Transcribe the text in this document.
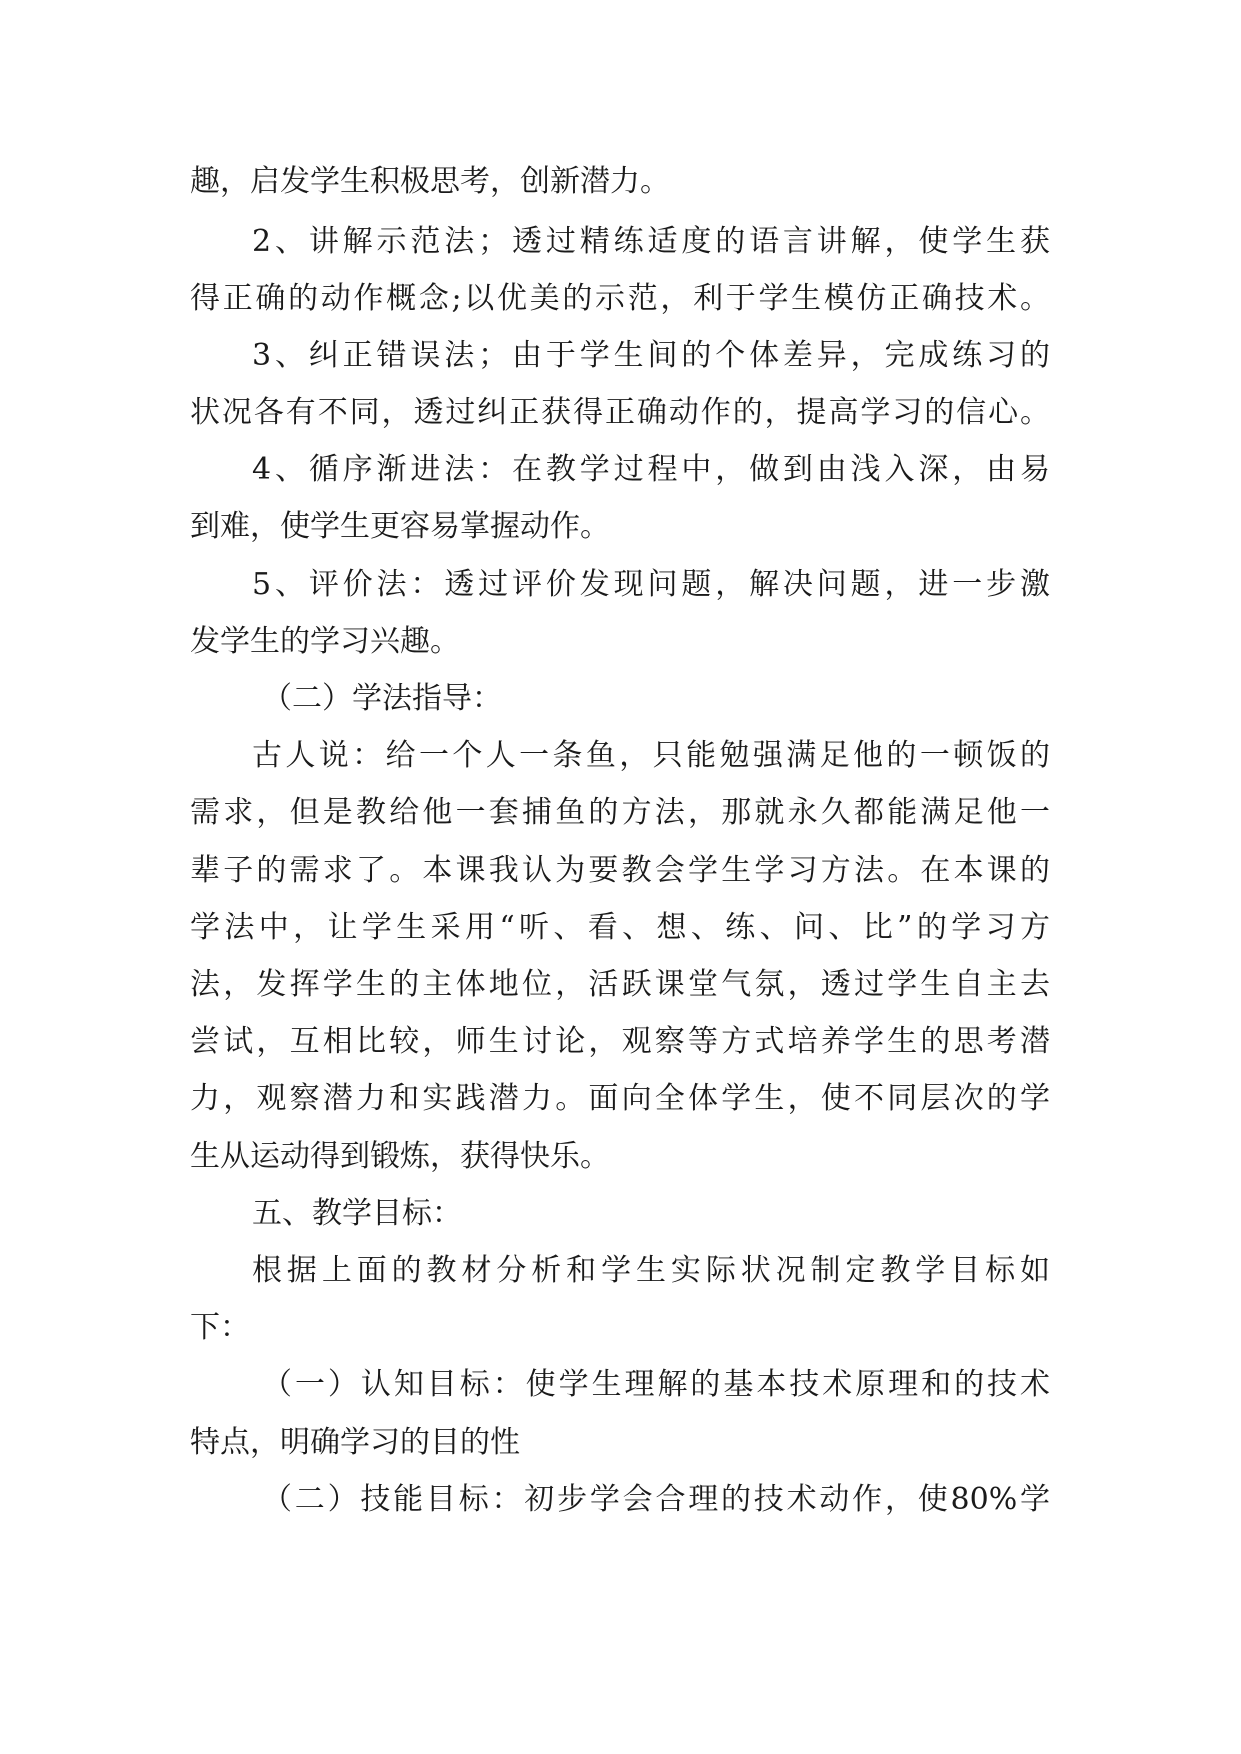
趣，启发学生积极思考，创新潜力。
2、讲解示范法；透过精练适度的语言讲解，使学生获
得正确的动作概念;以优美的示范，利于学生模仿正确技术。
3、纠正错误法；由于学生间的个体差异，完成练习的
状况各有不同，透过纠正获得正确动作的，提高学习的信心。
4、循序渐进法：在教学过程中，做到由浅入深，由易
到难，使学生更容易掌握动作。
5、评价法：透过评价发现问题，解决问题，进一步激
发学生的学习兴趣。
（二）学法指导：
古人说：给一个人一条鱼，只能勉强满足他的一顿饭的
需求，但是教给他一套捕鱼的方法，那就永久都能满足他一
辈子的需求了。本课我认为要教会学生学习方法。在本课的
学法中，让学生采用“听、看、想、练、问、比”的学习方
法，发挥学生的主体地位，活跃课堂气氛，透过学生自主去
尝试，互相比较，师生讨论，观察等方式培养学生的思考潜
力，观察潜力和实践潜力。面向全体学生，使不同层次的学
生从运动得到锻炼，获得快乐。
五、教学目标：
根据上面的教材分析和学生实际状况制定教学目标如
下：
（一）认知目标：使学生理解的基本技术原理和的技术
特点，明确学习的目的性
（二）技能目标：初步学会合理的技术动作，使80%学
